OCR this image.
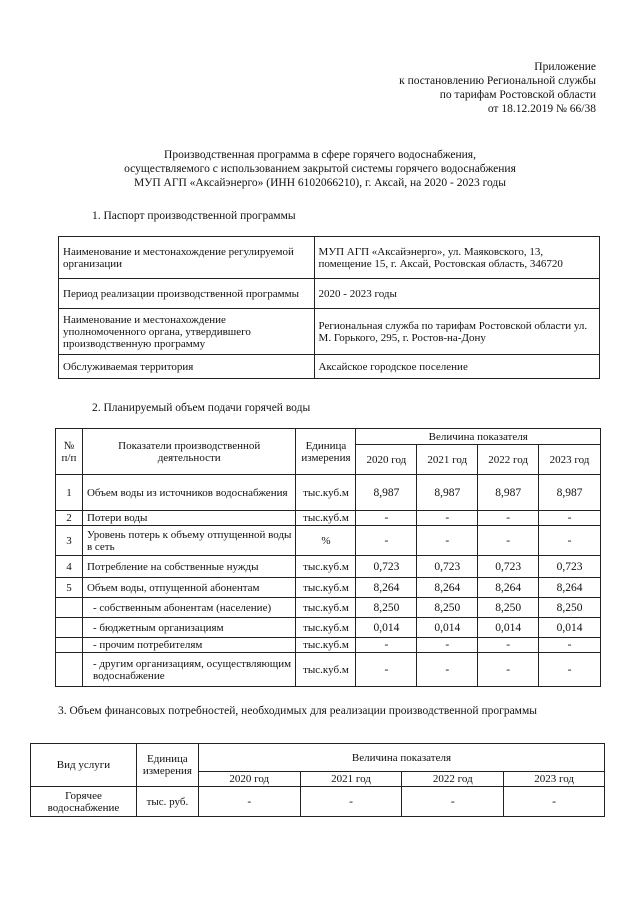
Приложение
к постановлению Региональной службы
по тарифам Ростовской области
от 18.12.2019 № 66/38
Производственная программа в сфере горячего водоснабжения,
осуществляемого с использованием закрытой системы горячего водоснабжения
МУП АГП «Аксайэнерго» (ИНН 6102066210), г. Аксай, на 2020 - 2023 годы
1. Паспорт производственной программы
Наименование и местонахождение регулируемой организации	МУП АГП «Аксайэнерго», ул. Маяковского, 13, помещение 15, г. Аксай, Ростовская область, 346720
Период реализации производственной программы	2020 - 2023 годы
Наименование и местонахождение уполномоченного органа, утвердившего производственную программу	Региональная служба по тарифам Ростовской области ул. М. Горького, 295, г. Ростов-на-Дону
Обслуживаемая территория	Аксайское городское поселение
2. Планируемый объем подачи горячей воды
№ п/п	Показатели производственной деятельности	Единица измерения	Величина показателя			
			2020 год	2021 год	2022 год	2023 год
1	Объем воды из источников водоснабжения	тыс.куб.м	8,987	8,987	8,987	8,987
2	Потери воды	тыс.куб.м	-	-	-	-
3	Уровень потерь к объему отпущенной воды в сеть	%	-	-	-	-
4	Потребление на собственные нужды	тыс.куб.м	0,723	0,723	0,723	0,723
5	Объем воды, отпущенной абонентам	тыс.куб.м	8,264	8,264	8,264	8,264
	- собственным абонентам (население)	тыс.куб.м	8,250	8,250	8,250	8,250
	- бюджетным организациям	тыс.куб.м	0,014	0,014	0,014	0,014
	- прочим потребителям	тыс.куб.м	-	-	-	-
	- другим организациям, осуществляющим водоснабжение	тыс.куб.м	-	-	-	-
3. Объем финансовых потребностей, необходимых для реализации производственной программы
Вид услуги	Единица измерения	Величина показателя			
		2020 год	2021 год	2022 год	2023 год
Горячее водоснабжение	тыс. руб.	-	-	-	-
